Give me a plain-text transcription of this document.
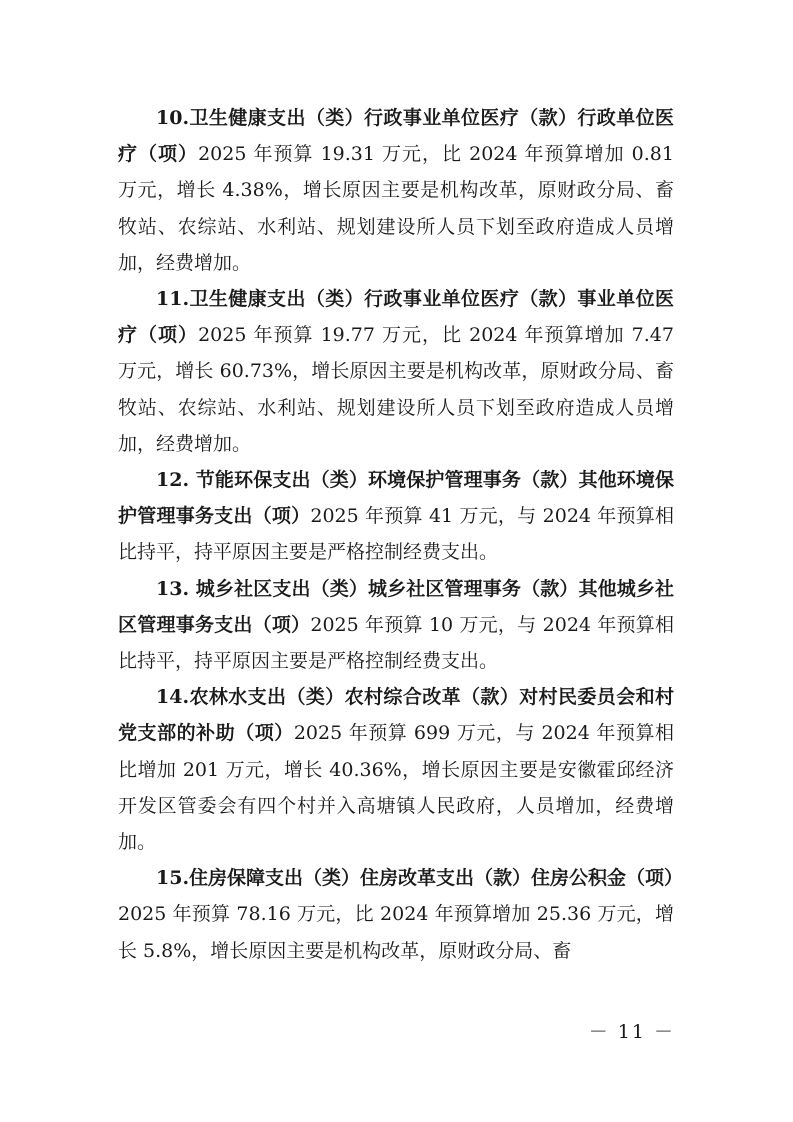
10.卫生健康支出（类）行政事业单位医疗（款）行政单位医疗（项）2025 年预算 19.31 万元，比 2024 年预算增加 0.81 万元，增长 4.38%，增长原因主要是机构改革，原财政分局、畜牧站、农综站、水利站、规划建设所人员下划至政府造成人员增加，经费增加。

11.卫生健康支出（类）行政事业单位医疗（款）事业单位医疗（项）2025 年预算 19.77 万元，比 2024 年预算增加 7.47 万元，增长 60.73%，增长原因主要是机构改革，原财政分局、畜牧站、农综站、水利站、规划建设所人员下划至政府造成人员增加，经费增加。

12. 节能环保支出（类）环境保护管理事务（款）其他环境保护管理事务支出（项）2025 年预算 41 万元，与 2024 年预算相比持平，持平原因主要是严格控制经费支出。

13. 城乡社区支出（类）城乡社区管理事务（款）其他城乡社区管理事务支出（项）2025 年预算 10 万元，与 2024 年预算相比持平，持平原因主要是严格控制经费支出。

14.农林水支出（类）农村综合改革（款）对村民委员会和村党支部的补助（项）2025 年预算 699 万元，与 2024 年预算相比增加 201 万元，增长 40.36%，增长原因主要是安徽霍邱经济开发区管委会有四个村并入高塘镇人民政府，人员增加，经费增加。

15.住房保障支出（类）住房改革支出（款）住房公积金（项）2025 年预算 78.16 万元，比 2024 年预算增加 25.36 万元，增长 5.8%，增长原因主要是机构改革，原财政分局、畜

－ 11 －
